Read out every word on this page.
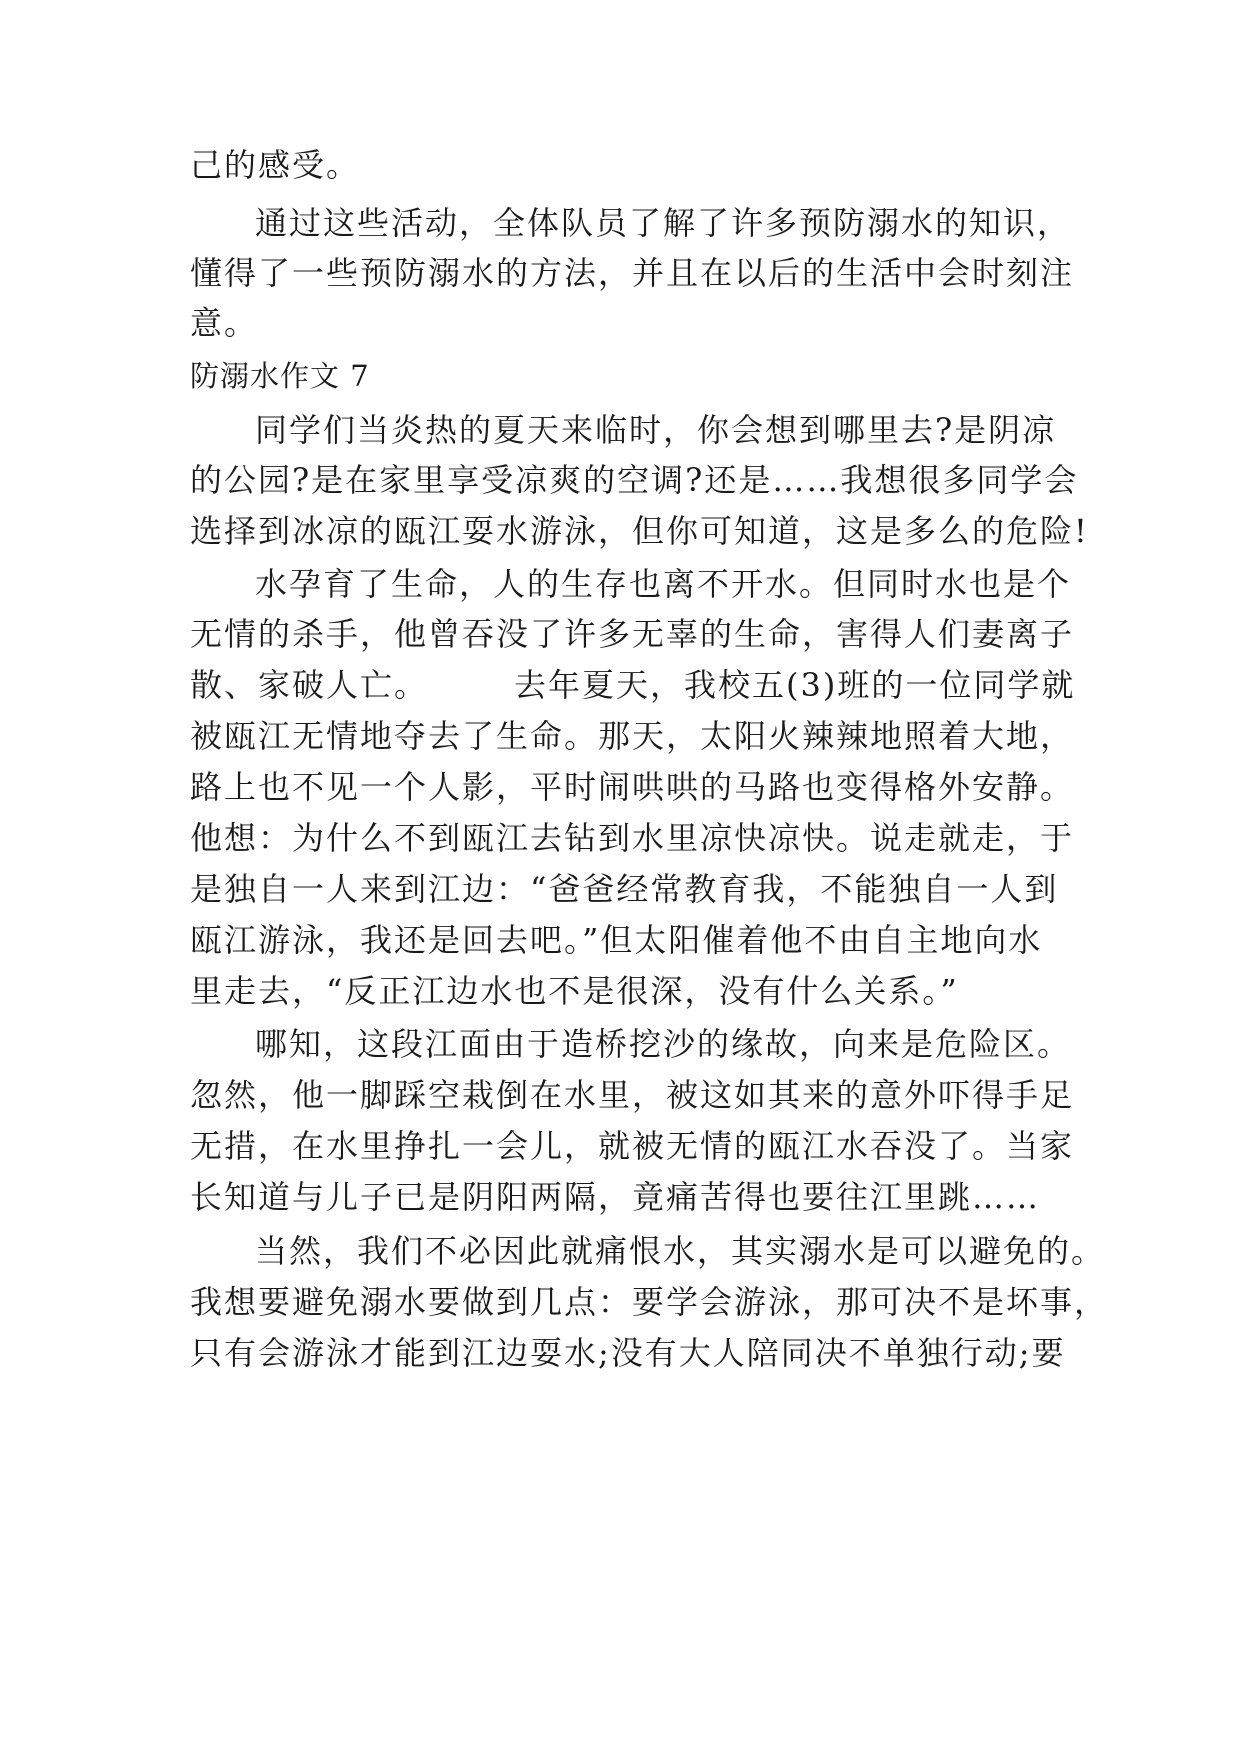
己的感受。
通过这些活动，全体队员了解了许多预防溺水的知识，
懂得了一些预防溺水的方法，并且在以后的生活中会时刻注
意。
防溺水作文 7
同学们当炎热的夏天来临时，你会想到哪里去?是阴凉
的公园?是在家里享受凉爽的空调?还是……我想很多同学会
选择到冰凉的瓯江耍水游泳，但你可知道，这是多么的危险!
水孕育了生命，人的生存也离不开水。但同时水也是个
无情的杀手，他曾吞没了许多无辜的生命，害得人们妻离子
散、家破人亡。　　　去年夏天，我校五(3)班的一位同学就
被瓯江无情地夺去了生命。那天，太阳火辣辣地照着大地，
路上也不见一个人影，平时闹哄哄的马路也变得格外安静。
他想：为什么不到瓯江去钻到水里凉快凉快。说走就走，于
是独自一人来到江边：“爸爸经常教育我，不能独自一人到
瓯江游泳，我还是回去吧。”但太阳催着他不由自主地向水
里走去，“反正江边水也不是很深，没有什么关系。”
哪知，这段江面由于造桥挖沙的缘故，向来是危险区。
忽然，他一脚踩空栽倒在水里，被这如其来的意外吓得手足
无措，在水里挣扎一会儿，就被无情的瓯江水吞没了。当家
长知道与儿子已是阴阳两隔，竟痛苦得也要往江里跳……
当然，我们不必因此就痛恨水，其实溺水是可以避免的。
我想要避免溺水要做到几点：要学会游泳，那可决不是坏事，
只有会游泳才能到江边耍水;没有大人陪同决不单独行动;要
